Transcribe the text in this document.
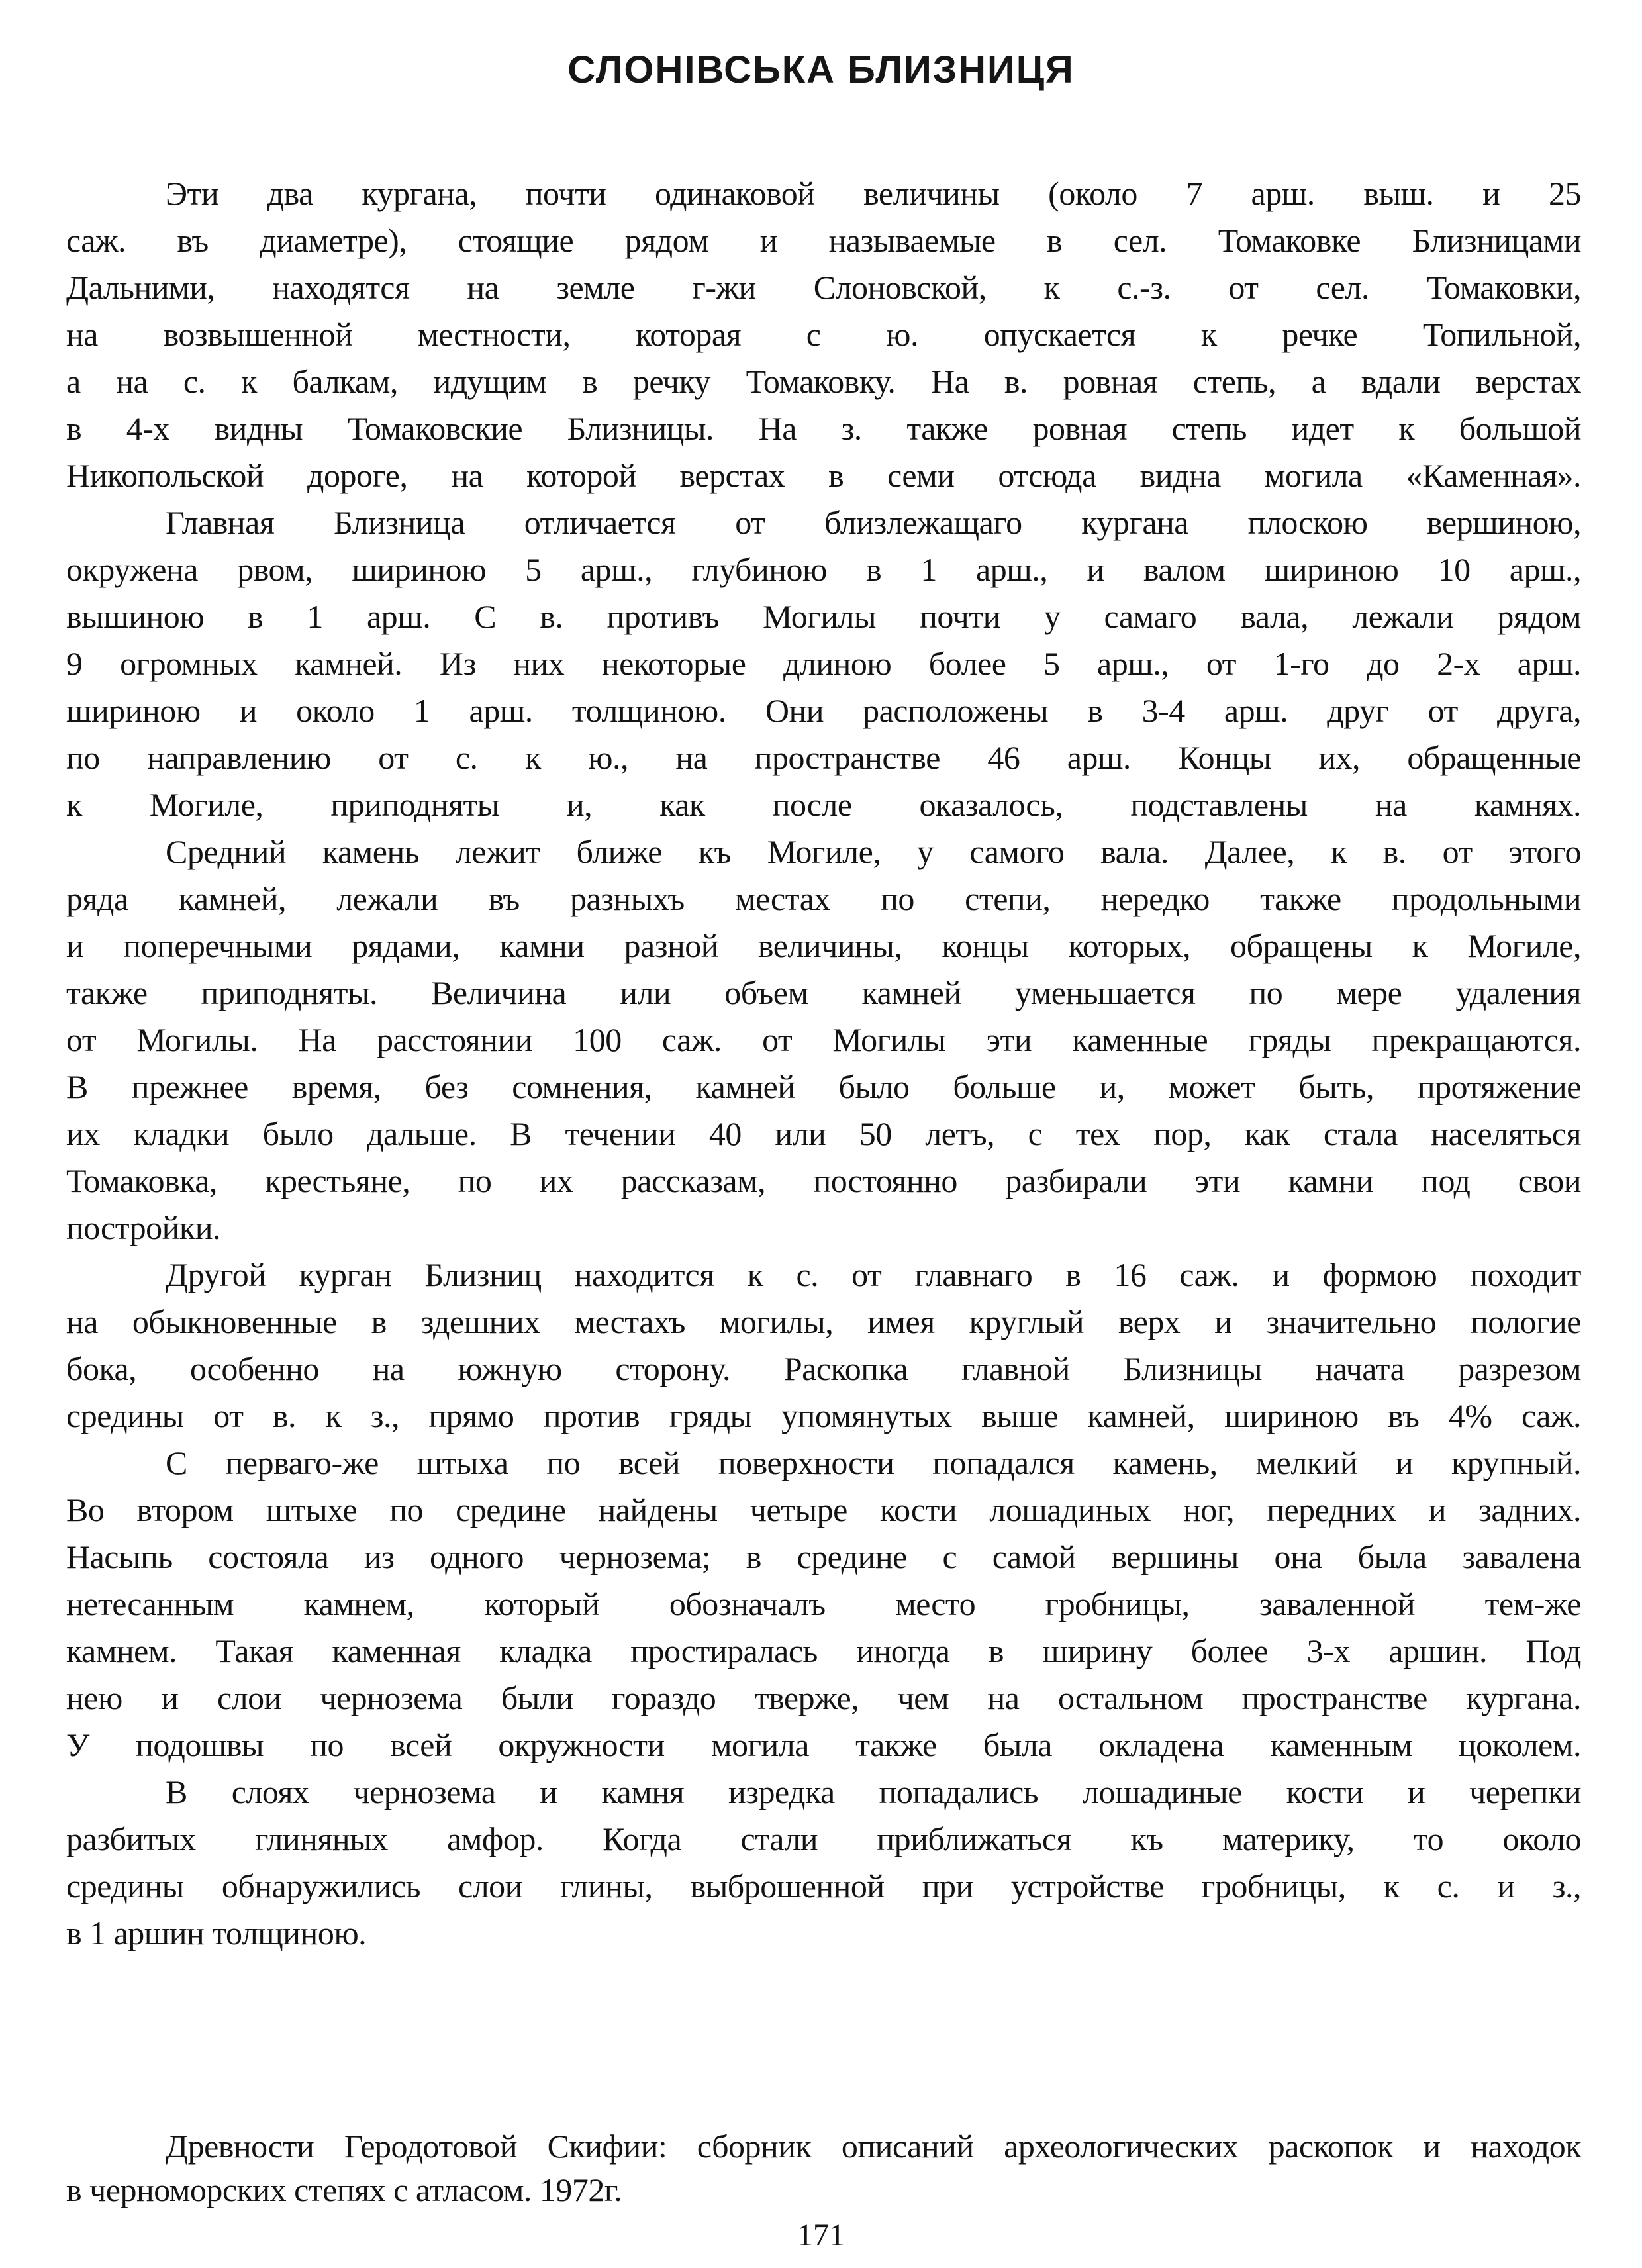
СЛОНІВСЬКА БЛИЗНИЦЯ
Эти два кургана, почти одинаковой величины (около 7 арш. выш. и 25
саж. въ диаметре), стоящие рядом и называемые в сел. Томаковке Близницами
Дальними, находятся на земле г-жи Слоновской, к с.-з. от сел. Томаковки,
на возвышенной местности, которая с ю. опускается к речке Топильной,
а на с. к балкам, идущим в речку Томаковку. На в. ровная степь, а вдали верстах
в 4-х видны Томаковские Близницы. На з. также ровная степь идет к большой
Никопольской дороге, на которой верстах в семи отсюда видна могила «Каменная».
Главная Близница отличается от близлежащаго кургана плоскою вершиною,
окружена рвом, шириною 5 арш., глубиною в 1 арш., и валом шириною 10 арш.,
вышиною в 1 арш. С в. противъ Могилы почти у самаго вала, лежали рядом
9 огромных камней. Из них некоторые длиною более 5 арш., от 1-го до 2-х арш.
шириною и около 1 арш. толщиною. Они расположены в 3-4 арш. друг от друга,
по направлению от с. к ю., на пространстве 46 арш. Концы их, обращенные
к Могиле, приподняты и, как после оказалось, подставлены на камнях.
Средний камень лежит ближе къ Могиле, у самого вала. Далее, к в. от этого
ряда камней, лежали въ разныхъ местах по степи, нередко также продольными
и поперечными рядами, камни разной величины, концы которых, обращены к Могиле,
также приподняты. Величина или объем камней уменьшается по мере удаления
от Могилы. На расстоянии 100 саж. от Могилы эти каменные гряды прекращаются.
В прежнее время, без сомнения, камней было больше и, может быть, протяжение
их кладки было дальше. В течении 40 или 50 летъ, с тех пор, как стала населяться
Томаковка, крестьяне, по их рассказам, постоянно разбирали эти камни под свои
постройки.
Другой курган Близниц находится к с. от главнаго в 16 саж. и формою походит
на обыкновенные в здешних местахъ могилы, имея круглый верх и значительно пологие
бока, особенно на южную сторону. Раскопка главной Близницы начата разрезом
средины от в. к з., прямо против гряды упомянутых выше камней, шириною въ 4% саж.
С перваго-же штыха по всей поверхности попадался камень, мелкий и крупный.
Во втором штыхе по средине найдены четыре кости лошадиных ног, передних и задних.
Насыпь состояла из одного чернозема; в средине с самой вершины она была завалена
нетесанным камнем, который обозначалъ место гробницы, заваленной тем-же
камнем. Такая каменная кладка простиралась иногда в ширину более 3-х аршин. Под
нею и слои чернозема были гораздо тверже, чем на остальном пространстве кургана.
У подошвы по всей окружности могила также была окладена каменным цоколем.
В слоях чернозема и камня изредка попадались лошадиные кости и черепки
разбитых глиняных амфор. Когда стали приближаться къ материку, то около
средины обнаружились слои глины, выброшенной при устройстве гробницы, к с. и з.,
в 1 аршин толщиною.
Древности Геродотовой Скифии: сборник описаний археологических раскопок и находок
в черноморских степях с атласом. 1972г.
171
